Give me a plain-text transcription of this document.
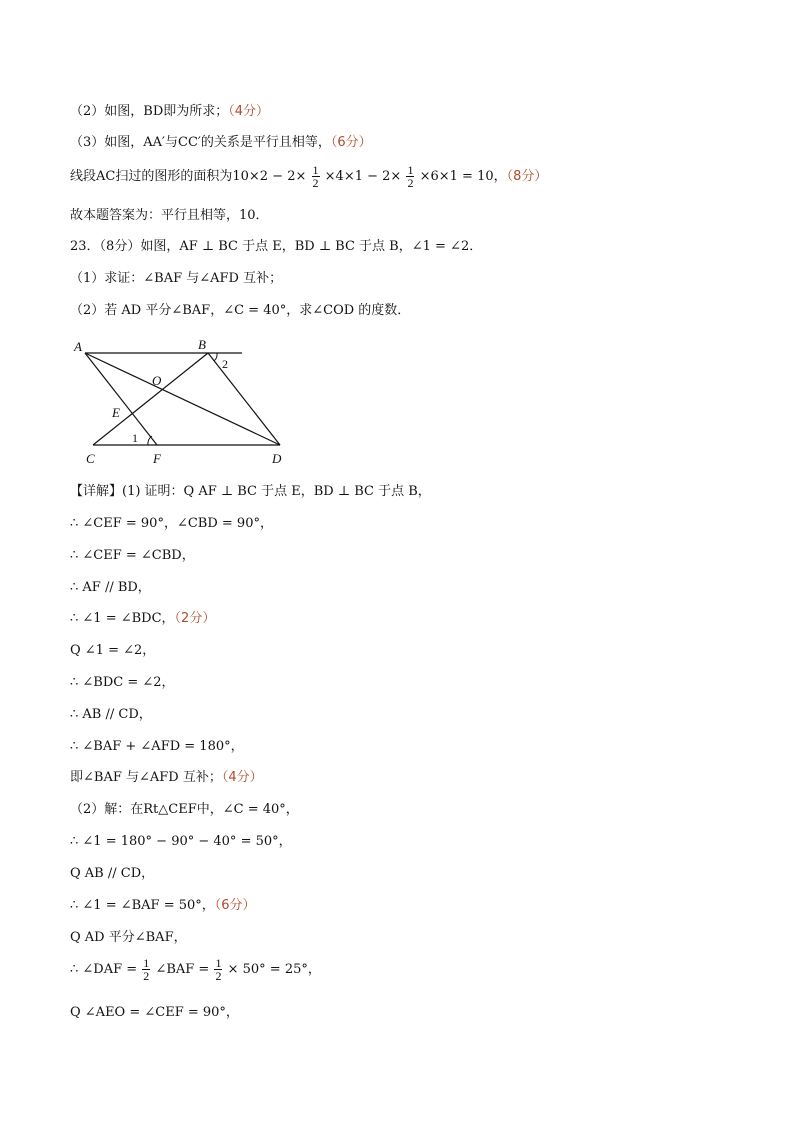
（2）如图，BD即为所求；（4分）
（3）如图，AA′与CC′的关系是平行且相等，（6分）
线段AC扫过的图形的面积为$10\times 2 - 2\times \frac{1}{2} \times 4\times 1 - 2\times \frac{1}{2} \times 6\times 1 = 10$，（8分）
故本题答案为：平行且相等，10．
23．（8分）如图，AF ⊥ BC 于点 E，BD ⊥ BC 于点 B，∠1 = ∠2．
（1）求证：∠BAF 与∠AFD 互补；
（2）若 AD 平分∠BAF，∠C = 40°，求∠COD 的度数．
A	B
O
E
C	F	D
1
2
【详解】(1) 证明：Q AF ⊥ BC 于点 E，BD ⊥ BC 于点 B，
∴ ∠CEF = 90°，∠CBD = 90°，
∴ ∠CEF = ∠CBD，
∴ AF // BD，
∴ ∠1 = ∠BDC，（2分）
Q ∠1 = ∠2，
∴ ∠BDC = ∠2，
∴ AB // CD，
∴ ∠BAF + ∠AFD = 180°，
即∠BAF 与∠AFD 互补；（4分）
（2）解：在Rt△CEF中，∠C = 40°，
∴ ∠1 = 180° − 90° − 40° = 50°，
Q AB // CD，
∴ ∠1 = ∠BAF = 50°，（6分）
Q AD 平分∠BAF，
∴ ∠DAF = $\frac{1}{2}$ ∠BAF = $\frac{1}{2} \times 50^\circ = 25^\circ$，
Q ∠AEO = ∠CEF = 90°，
